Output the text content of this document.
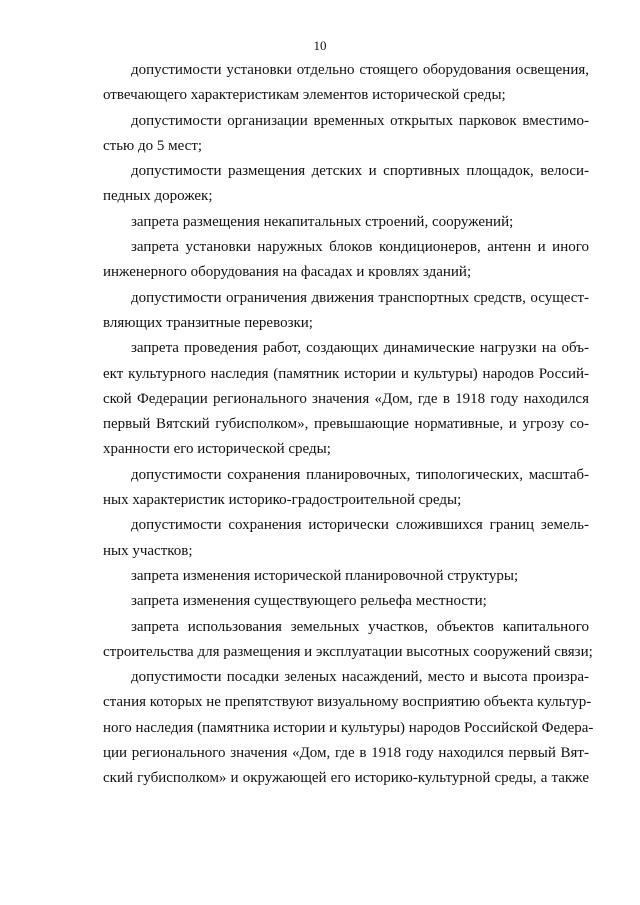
10
допустимости установки отдельно стоящего оборудования освещения,
отвечающего характеристикам элементов исторической среды;
допустимости организации временных открытых парковок вместимо-
стью до 5 мест;
допустимости размещения детских и спортивных площадок, велоси-
педных дорожек;
запрета размещения некапитальных строений, сооружений;
запрета установки наружных блоков кондиционеров, антенн и иного
инженерного оборудования на фасадах и кровлях зданий;
допустимости ограничения движения транспортных средств, осущест-
вляющих транзитные перевозки;
запрета проведения работ, создающих динамические нагрузки на объ-
ект культурного наследия (памятник истории и культуры) народов Россий-
ской Федерации регионального значения «Дом, где в 1918 году находился
первый Вятский губисполком», превышающие нормативные, и угрозу со-
хранности его исторической среды;
допустимости сохранения планировочных, типологических, масштаб-
ных характеристик историко-градостроительной среды;
допустимости сохранения исторически сложившихся границ земель-
ных участков;
запрета изменения исторической планировочной структуры;
запрета изменения существующего рельефа местности;
запрета использования земельных участков, объектов капитального
строительства для размещения и эксплуатации высотных сооружений связи;
допустимости посадки зеленых насаждений, место и высота произра-
стания которых не препятствуют визуальному восприятию объекта культур-
ного наследия (памятника истории и культуры) народов Российской Федера-
ции регионального значения «Дом, где в 1918 году находился первый Вят-
ский губисполком» и окружающей его историко-культурной среды, а также
